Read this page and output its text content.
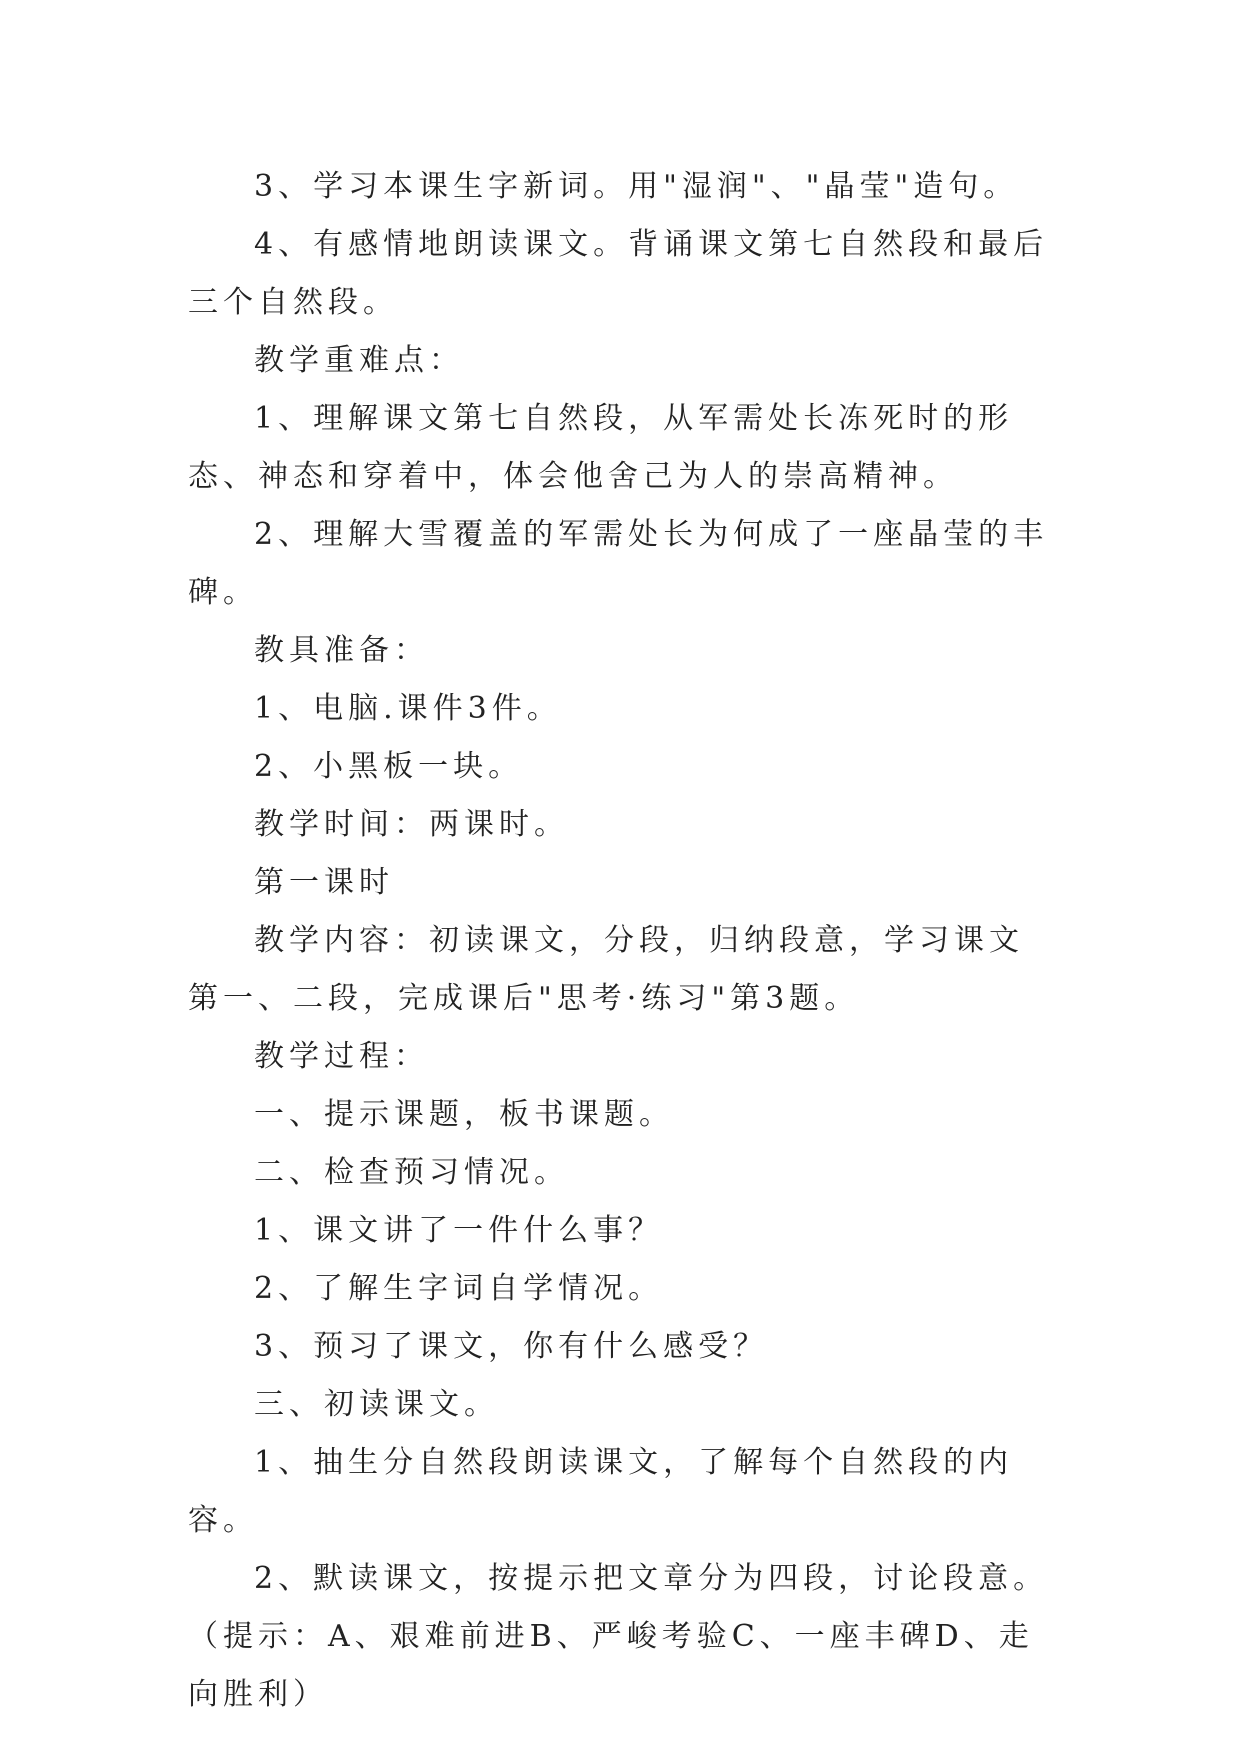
3、学习本课生字新词。用"湿润"、"晶莹"造句。

4、有感情地朗读课文。背诵课文第七自然段和最后三个自然段。

教学重难点：

1、理解课文第七自然段，从军需处长冻死时的形态、神态和穿着中，体会他舍己为人的崇高精神。

2、理解大雪覆盖的军需处长为何成了一座晶莹的丰碑。

教具准备：

1、电脑.课件3件。

2、小黑板一块。

教学时间：两课时。

第一课时

教学内容：初读课文，分段，归纳段意，学习课文第一、二段，完成课后"思考·练习"第3题。

教学过程：

一、提示课题，板书课题。

二、检查预习情况。

1、课文讲了一件什么事？

2、了解生字词自学情况。

3、预习了课文，你有什么感受？

三、初读课文。

1、抽生分自然段朗读课文，了解每个自然段的内容。

2、默读课文，按提示把文章分为四段，讨论段意。（提示：A、艰难前进B、严峻考验C、一座丰碑D、走向胜利）
